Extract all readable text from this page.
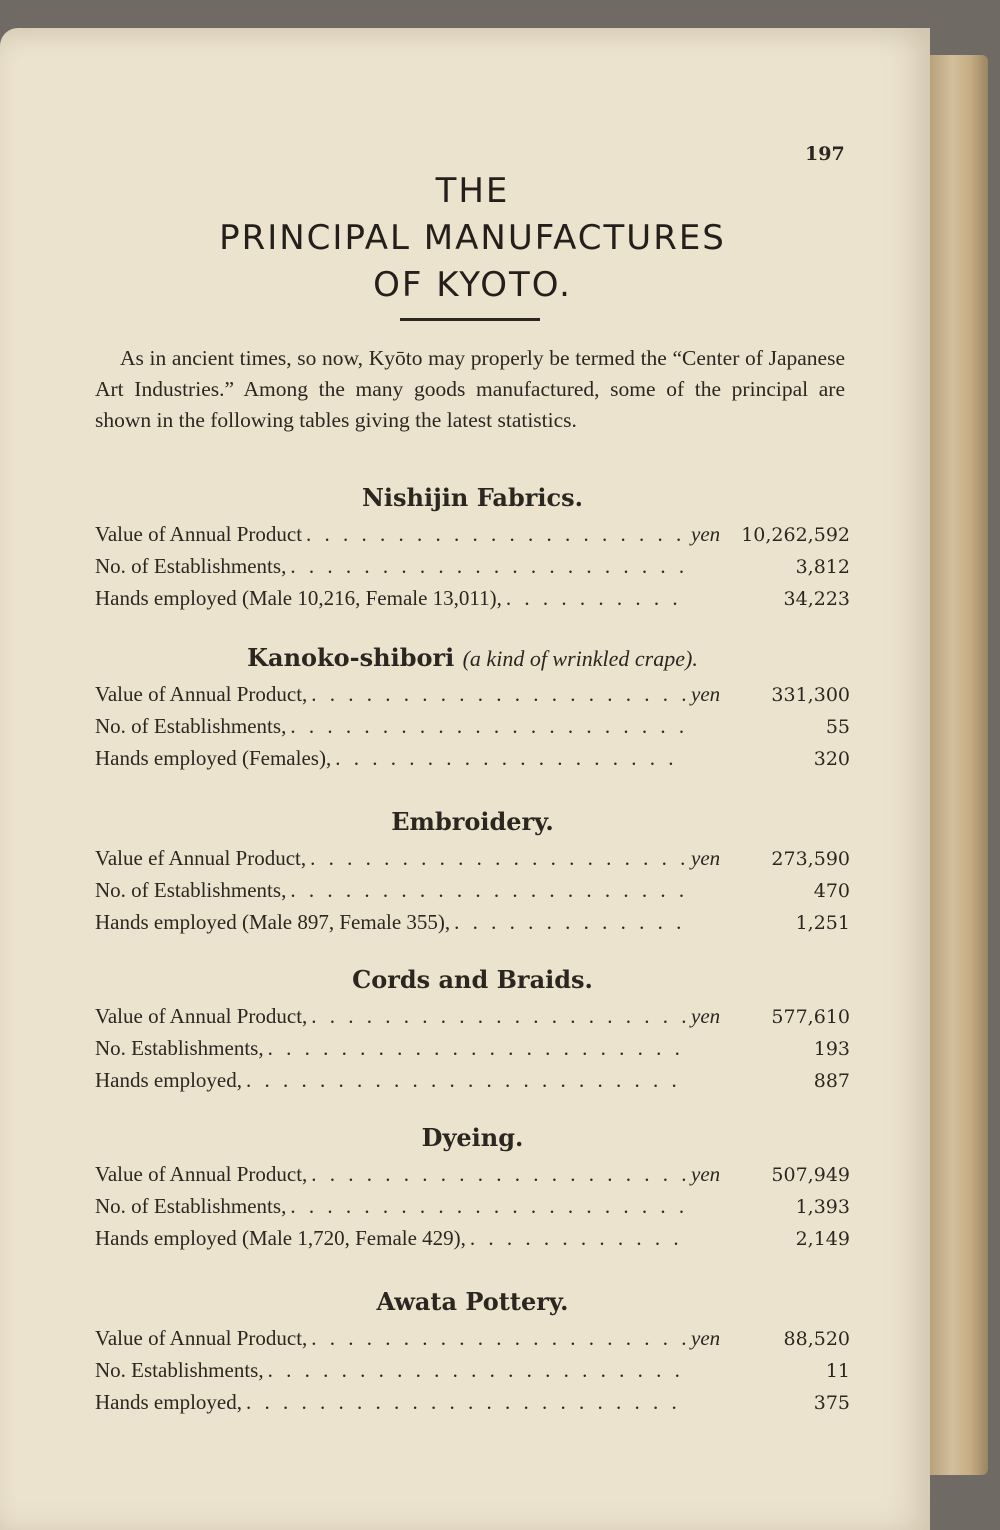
197
THE
PRINCIPAL MANUFACTURES
OF KYOTO.

As in ancient times, so now, Kyōto may properly be termed the “Center of Japanese Art Industries.” Among the many goods manufactured, some of the principal are shown in the following tables giving the latest statistics.

Nishijin Fabrics.
Value of Annual Product . . .	yen	10,262,592
No. of Establishments, . . .	3,812
Hands employed (Male 10,216, Female 13,011), . . .	34,223
Kanoko-shibori (a kind of wrinkled crape).
Value of Annual Product, . . .	yen	331,300
No. of Establishments, . . .	55
Hands employed (Females), . . .	320
Embroidery.
Value ef Annual Product, . . .	yen	273,590
No. of Establishments, . . .	470
Hands employed (Male 897, Female 355), . . .	1,251
Cords and Braids.
Value of Annual Product, . . .	yen	577,610
No. Establishments, . . .	193
Hands employed, . . .	887
Dyeing.
Value of Annual Product, . . .	yen	507,949
No. of Establishments, . . .	1,393
Hands employed (Male 1,720, Female 429), . . .	2,149
Awata Pottery.
Value of Annual Product, . . .	yen	88,520
No. Establishments, . . .	11
Hands employed, . . .	375
